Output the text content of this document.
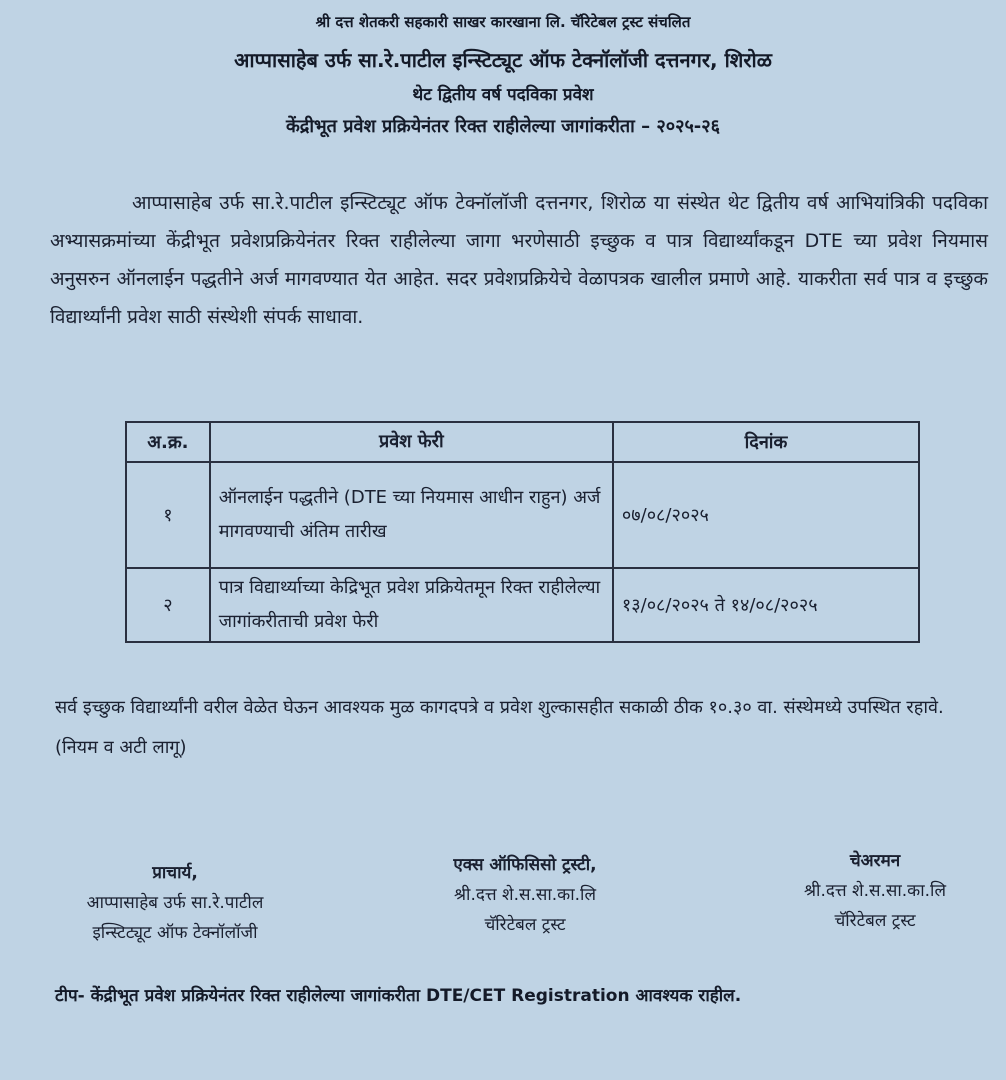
श्री दत्त शेतकरी सहकारी साखर कारखाना लि. चॅरिटेबल ट्रस्ट संचलित
आप्पासाहेब उर्फ सा.रे.पाटील इन्स्टिट्यूट ऑफ टेक्नॉलॉजी दत्तनगर, शिरोळ
थेट द्वितीय वर्ष पदविका प्रवेश
केंद्रीभूत प्रवेश प्रक्रियेनंतर रिक्त राहीलेल्या जागांकरीता – २०२५-२६
आप्पासाहेब उर्फ सा.रे.पाटील इन्स्टिट्यूट ऑफ टेक्नॉलॉजी दत्तनगर, शिरोळ या संस्थेत थेट द्वितीय वर्ष आभियांत्रिकी पदविका अभ्यासक्रमांच्या केंद्रीभूत प्रवेशप्रक्रियेनंतर रिक्त राहीलेल्या जागा भरणेसाठी इच्छुक व पात्र विद्यार्थ्यांकडून DTE च्या प्रवेश नियमास अनुसरुन ऑनलाईन पद्धतीने अर्ज मागवण्यात येत आहेत. सदर प्रवेशप्रक्रियेचे वेळापत्रक खालील प्रमाणे आहे. याकरीता सर्व पात्र व इच्छुक विद्यार्थ्यांनी प्रवेश साठी संस्थेशी संपर्क साधावा.
अ.क्र.	प्रवेश फेरी	दिनांक
१	ऑनलाईन पद्धतीने (DTE च्या नियमास आधीन राहुन) अर्ज मागवण्याची अंतिम तारीख	०७/०८/२०२५
२	पात्र विद्यार्थ्याच्या केद्रिभूत प्रवेश प्रक्रियेतमून रिक्त राहीलेल्या जागांकरीताची प्रवेश फेरी	१३/०८/२०२५ ते १४/०८/२०२५
सर्व इच्छुक विद्यार्थ्यांनी वरील वेळेत घेऊन आवश्यक मुळ कागदपत्रे व प्रवेश शुल्कासहीत सकाळी ठीक १०.३० वा. संस्थेमध्ये उपस्थित रहावे. (नियम व अटी लागू)
प्राचार्य,
आप्पासाहेब उर्फ सा.रे.पाटील
इन्स्टिट्यूट ऑफ टेक्नॉलॉजी
एक्स ऑफिसिसो ट्रस्टी,
श्री.दत्त शे.स.सा.का.लि
चॅरिटेबल ट्रस्ट
चेअरमन
श्री.दत्त शे.स.सा.का.लि
चॅरिटेबल ट्रस्ट
टीप- केंद्रीभूत प्रवेश प्रक्रियेनंतर रिक्त राहीलेल्या जागांकरीता DTE/CET Registration आवश्यक राहील.
